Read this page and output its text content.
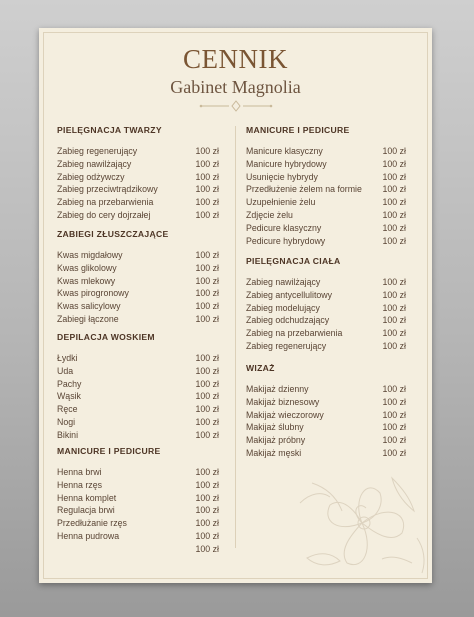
CENNIK
Gabinet Magnolia
PIELĘGNACJA TWARZY
Zabieg regenerujący	100 zł
Zabieg nawilżający	100 zł
Zabieg odżywczy	100 zł
Zabieg przeciwtrądzikowy	100 zł
Zabieg na przebarwienia	100 zł
Zabieg do cery dojrzałej	100 zł
ZABIEGI ZŁUSZCZAJĄCE
Kwas migdałowy	100 zł
Kwas glikolowy	100 zł
Kwas mlekowy	100 zł
Kwas pirogronowy	100 zł
Kwas salicylowy	100 zł
Zabiegi łączone	100 zł
DEPILACJA WOSKIEM
Łydki	100 zł
Uda	100 zł
Pachy	100 zł
Wąsik	100 zł
Ręce	100 zł
Nogi	100 zł
Bikini	100 zł
MANICURE I PEDICURE
Henna brwi	100 zł
Henna rzęs	100 zł
Henna komplet	100 zł
Regulacja brwi	100 zł
Przedłużanie rzęs	100 zł
Henna pudrowa	100 zł
100 zł
MANICURE I PEDICURE
Manicure klasyczny	100 zł
Manicure hybrydowy	100 zł
Usunięcie hybrydy	100 zł
Przedłużenie żelem na formie 100 zł
Uzupełnienie żelu	100 zł
Zdjęcie żelu	100 zł
Pedicure klasyczny	100 zł
Pedicure hybrydowy	100 zł
PIELĘGNACJA CIAŁA
Zabieg nawilżający	100 zł
Zabieg antycellulitowy	100 zł
Zabieg modelujący	100 zł
Zabieg odchudzający	100 zł
Zabieg na przebarwienia	100 zł
Zabieg regenerujący	100 zł
WIZAŻ
Makijaż dzienny	100 zł
Makijaż biznesowy	100 zł
Makijaż wieczorowy	100 zł
Makijaż ślubny	100 zł
Makijaż próbny	100 zł
Makijaż męski	100 zł
